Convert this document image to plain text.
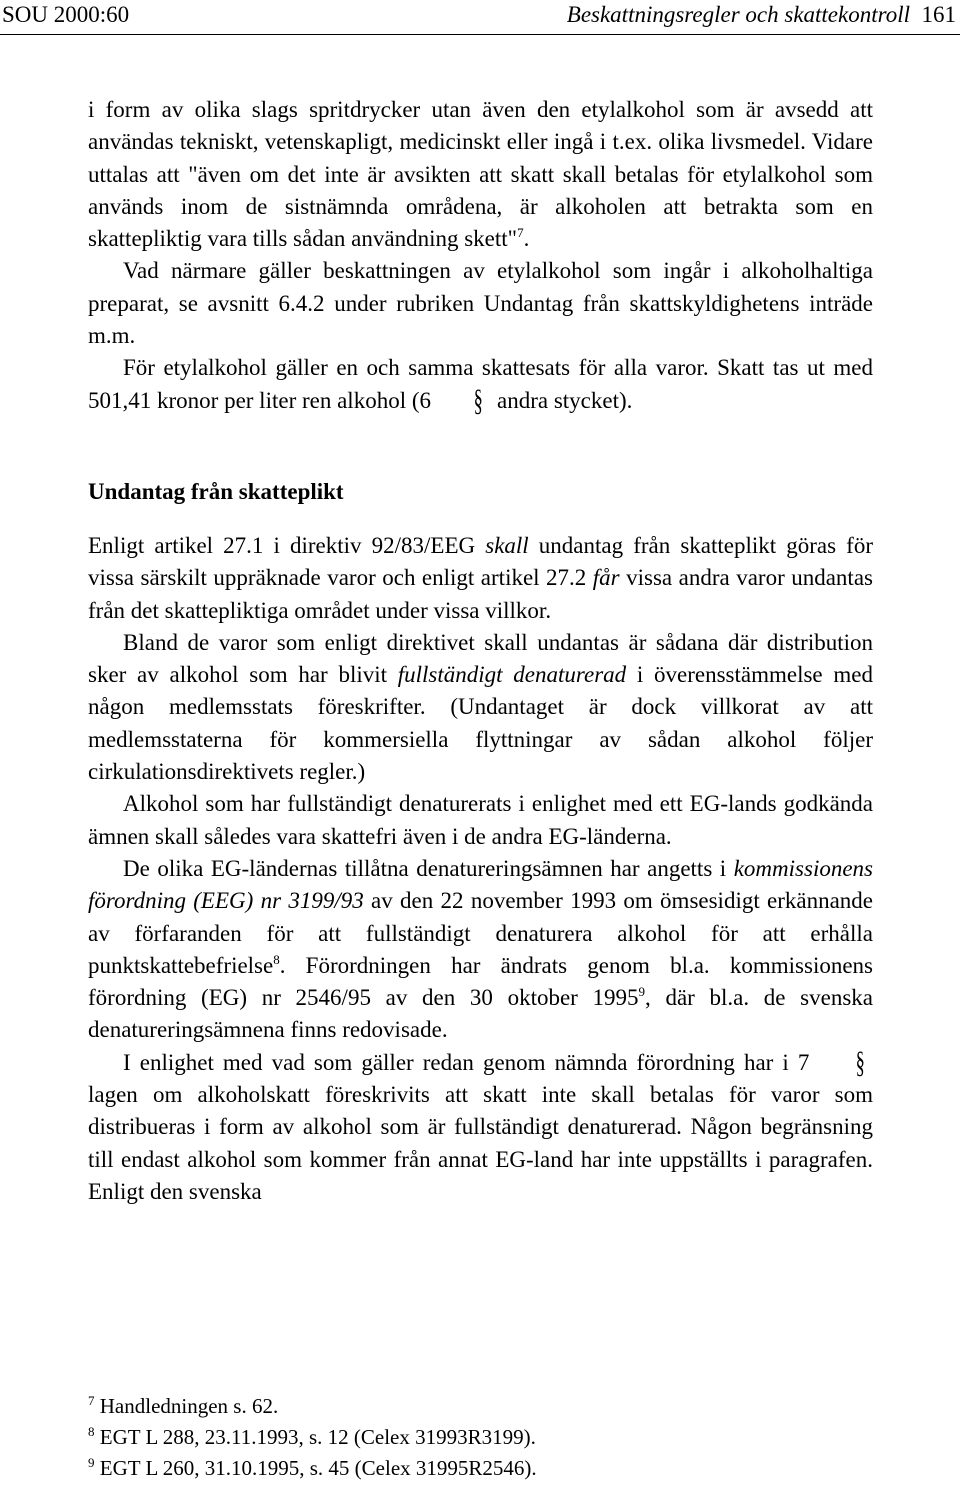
SOU 2000:60	Beskattningsregler och skattekontroll 161

i form av olika slags spritdrycker utan även den etylalkohol som är avsedd att användas tekniskt, vetenskapligt, medicinskt eller ingå i t.ex. olika livsmedel. Vidare uttalas att "även om det inte är avsikten att skatt skall betalas för etylalkohol som används inom de sistnämnda områdena, är alkoholen att betrakta som en skattepliktig vara tills sådan användning skett"$^7$.

Vad närmare gäller beskattningen av etylalkohol som ingår i alkoholhaltiga preparat, se avsnitt 6.4.2 under rubriken Undantag från skattskyldighetens inträde m.m.

För etylalkohol gäller en och samma skattesats för alla varor. Skatt tas ut med 501,41 kronor per liter ren alkohol (6 § andra stycket).

Undantag från skatteplikt

Enligt artikel 27.1 i direktiv 92/83/EEG skall undantag från skatteplikt göras för vissa särskilt uppräknade varor och enligt artikel 27.2 får vissa andra varor undantas från det skattepliktiga området under vissa villkor.

Bland de varor som enligt direktivet skall undantas är sådana där distribution sker av alkohol som har blivit fullständigt denaturerad i överensstämmelse med någon medlemsstats föreskrifter. (Undantaget är dock villkorat av att medlemsstaterna för kommersiella flyttningar av sådan alkohol följer cirkulationsdirektivets regler.)

Alkohol som har fullständigt denaturerats i enlighet med ett EG-lands godkända ämnen skall således vara skattefri även i de andra EG-länderna.

De olika EG-ländernas tillåtna denatureringsämnen har angetts i kommissionens förordning (EEG) nr 3199/93 av den 22 november 1993 om ömsesidigt erkännande av förfaranden för att fullständigt denaturera alkohol för att erhålla punktskattebefrielse$^8$. Förordningen har ändrats genom bl.a. kommissionens förordning (EG) nr 2546/95 av den 30 oktober 1995$^9$, där bl.a. de svenska denatureringsämnena finns redovisade.

I enlighet med vad som gäller redan genom nämnda förordning har i 7 § lagen om alkoholskatt föreskrivits att skatt inte skall betalas för varor som distribueras i form av alkohol som är fullständigt denaturerad. Någon begränsning till endast alkohol som kommer från annat EG-land har inte uppställts i paragrafen. Enligt den svenska

$^7$ Handledningen s. 62.
$^8$ EGT L 288, 23.11.1993, s. 12 (Celex 31993R3199).
$^9$ EGT L 260, 31.10.1995, s. 45 (Celex 31995R2546).
